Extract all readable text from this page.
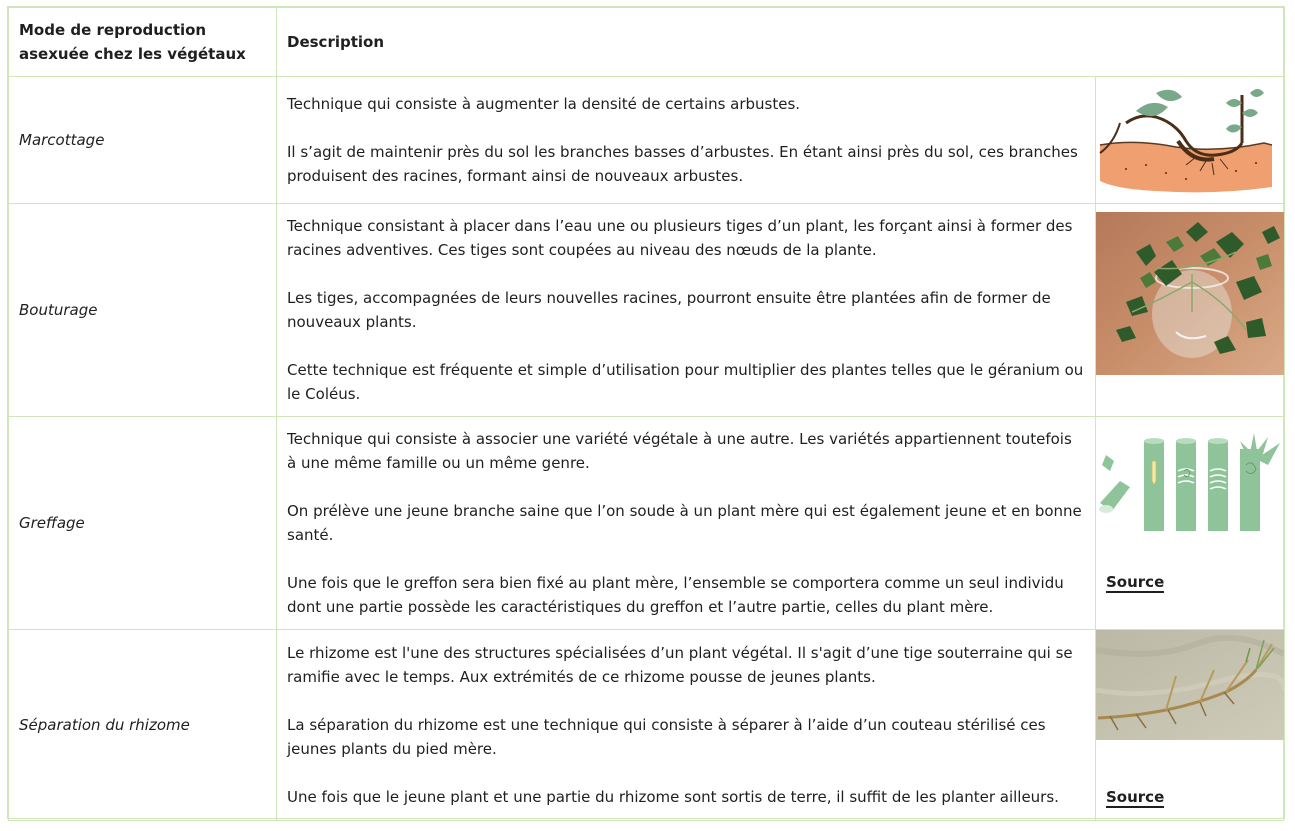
Mode de reproduction asexuée chez les végétaux	Description	
Marcottage	Technique qui consiste à augmenter la densité de certains arbustes.

Il s’agit de maintenir près du sol les branches basses d’arbustes. En étant ainsi près du sol, ces branches produisent des racines, formant ainsi de nouveaux arbustes.

Bouturage	Technique consistant à placer dans l’eau une ou plusieurs tiges d’un plant, les forçant ainsi à former des racines adventives. Ces tiges sont coupées au niveau des nœuds de la plante.

Les tiges, accompagnées de leurs nouvelles racines, pourront ensuite être plantées afin de former de nouveaux plants.

Cette technique est fréquente et simple d’utilisation pour multiplier des plantes telles que le géranium ou le Coléus.

Greffage	Technique qui consiste à associer une variété végétale à une autre. Les variétés appartiennent toutefois à une même famille ou un même genre.

On prélève une jeune branche saine que l’on soude à un plant mère qui est également jeune et en bonne santé.

Une fois que le greffon sera bien fixé au plant mère, l’ensemble se comportera comme un seul individu dont une partie possède les caractéristiques du greffon et l’autre partie, celles du plant mère.	Source

Séparation du rhizome	Le rhizome est l'une des structures spécialisées d’un plant végétal. Il s'agit d’une tige souterraine qui se ramifie avec le temps. Aux extrémités de ce rhizome pousse de jeunes plants.

La séparation du rhizome est une technique qui consiste à séparer à l’aide d’un couteau stérilisé ces jeunes plants du pied mère.

Une fois que le jeune plant et une partie du rhizome sont sortis de terre, il suffit de les planter ailleurs.	Source
